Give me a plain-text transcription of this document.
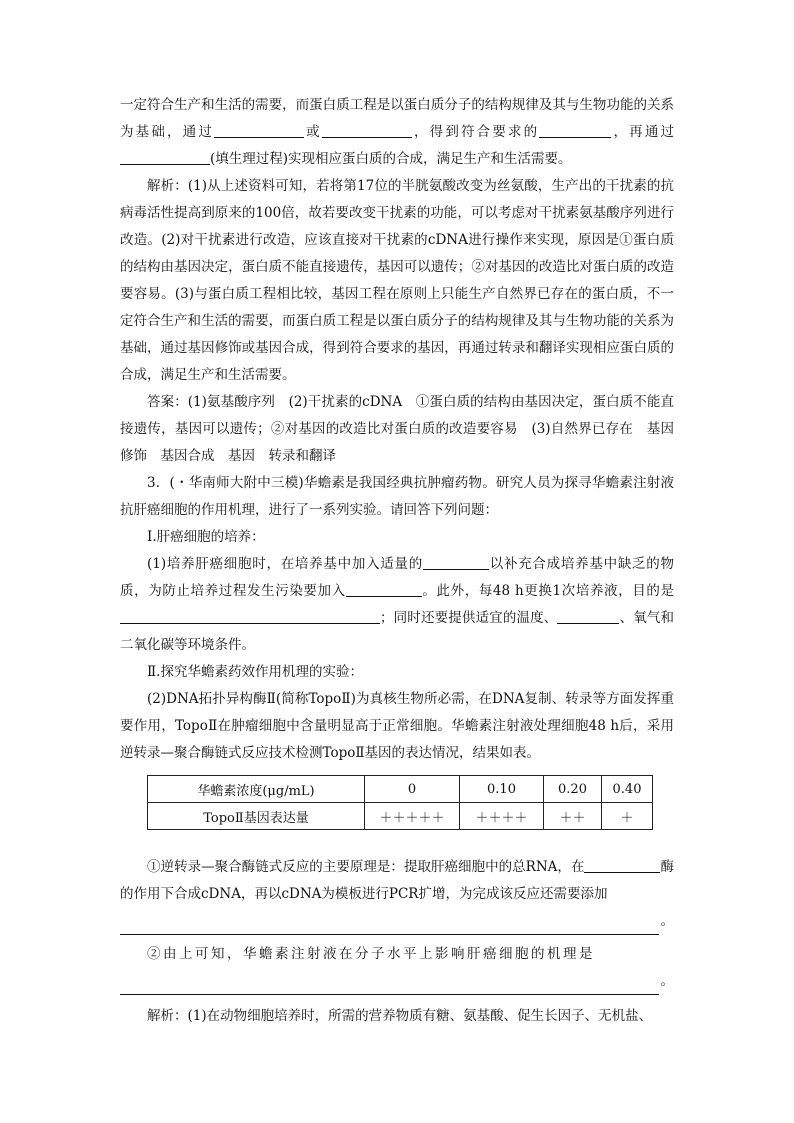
一定符合生产和生活的需要，而蛋白质工程是以蛋白质分子的结构规律及其与生物功能的关系为基础，通过	或	，得到符合要求的	，再通过(填生理过程)实现相应蛋白质的合成，满足生产和生活需要。

解析：(1)从上述资料可知，若将第17位的半胱氨酸改变为丝氨酸，生产出的干扰素的抗病毒活性提高到原来的100倍，故若要改变干扰素的功能，可以考虑对干扰素氨基酸序列进行改造。(2)对干扰素进行改造，应该直接对干扰素的cDNA进行操作来实现，原因是①蛋白质的结构由基因决定，蛋白质不能直接遗传，基因可以遗传；②对基因的改造比对蛋白质的改造要容易。(3)与蛋白质工程相比较，基因工程在原则上只能生产自然界已存在的蛋白质，不一定符合生产和生活的需要，而蛋白质工程是以蛋白质分子的结构规律及其与生物功能的关系为基础，通过基因修饰或基因合成，得到符合要求的基因，再通过转录和翻译实现相应蛋白质的合成，满足生产和生活需要。

答案：(1)氨基酸序列　(2)干扰素的cDNA　①蛋白质的结构由基因决定，蛋白质不能直接遗传，基因可以遗传；②对基因的改造比对蛋白质的改造要容易　(3)自然界已存在　基因修饰　基因合成　基因　转录和翻译

3．(・华南师大附中三模)华蟾素是我国经典抗肿瘤药物。研究人员为探寻华蟾素注射液抗肝癌细胞的作用机理，进行了一系列实验。请回答下列问题：

Ⅰ.肝癌细胞的培养：

(1)培养肝癌细胞时，在培养基中加入适量的	以补充合成培养基中缺乏的物质，为防止培养过程发生污染要加入	。此外，每48 h更换1次培养液，目的是；同时还要提供适宜的温度、	、氧气和二氧化碳等环境条件。

Ⅱ.探究华蟾素药效作用机理的实验：

(2)DNA拓扑异构酶Ⅱ(简称TopoⅡ)为真核生物所必需，在DNA复制、转录等方面发挥重要作用，TopoⅡ在肿瘤细胞中含量明显高于正常细胞。华蟾素注射液处理细胞48 h后，采用逆转录—聚合酶链式反应技术检测TopoⅡ基因的表达情况，结果如表。

华蟾素浓度(μg/mL)	0	0.10	0.20	0.40
TopoⅡ基因表达量	＋＋＋＋＋	＋＋＋＋	＋＋	＋

①逆转录—聚合酶链式反应的主要原理是：提取肝癌细胞中的总RNA，在	酶的作用下合成cDNA，再以cDNA为模板进行PCR扩增，为完成该反应还需要添加

。

②由上可知，华蟾素注射液在分子水平上影响肝癌细胞的机理是

。

解析：(1)在动物细胞培养时，所需的营养物质有糖、氨基酸、促生长因子、无机盐、
